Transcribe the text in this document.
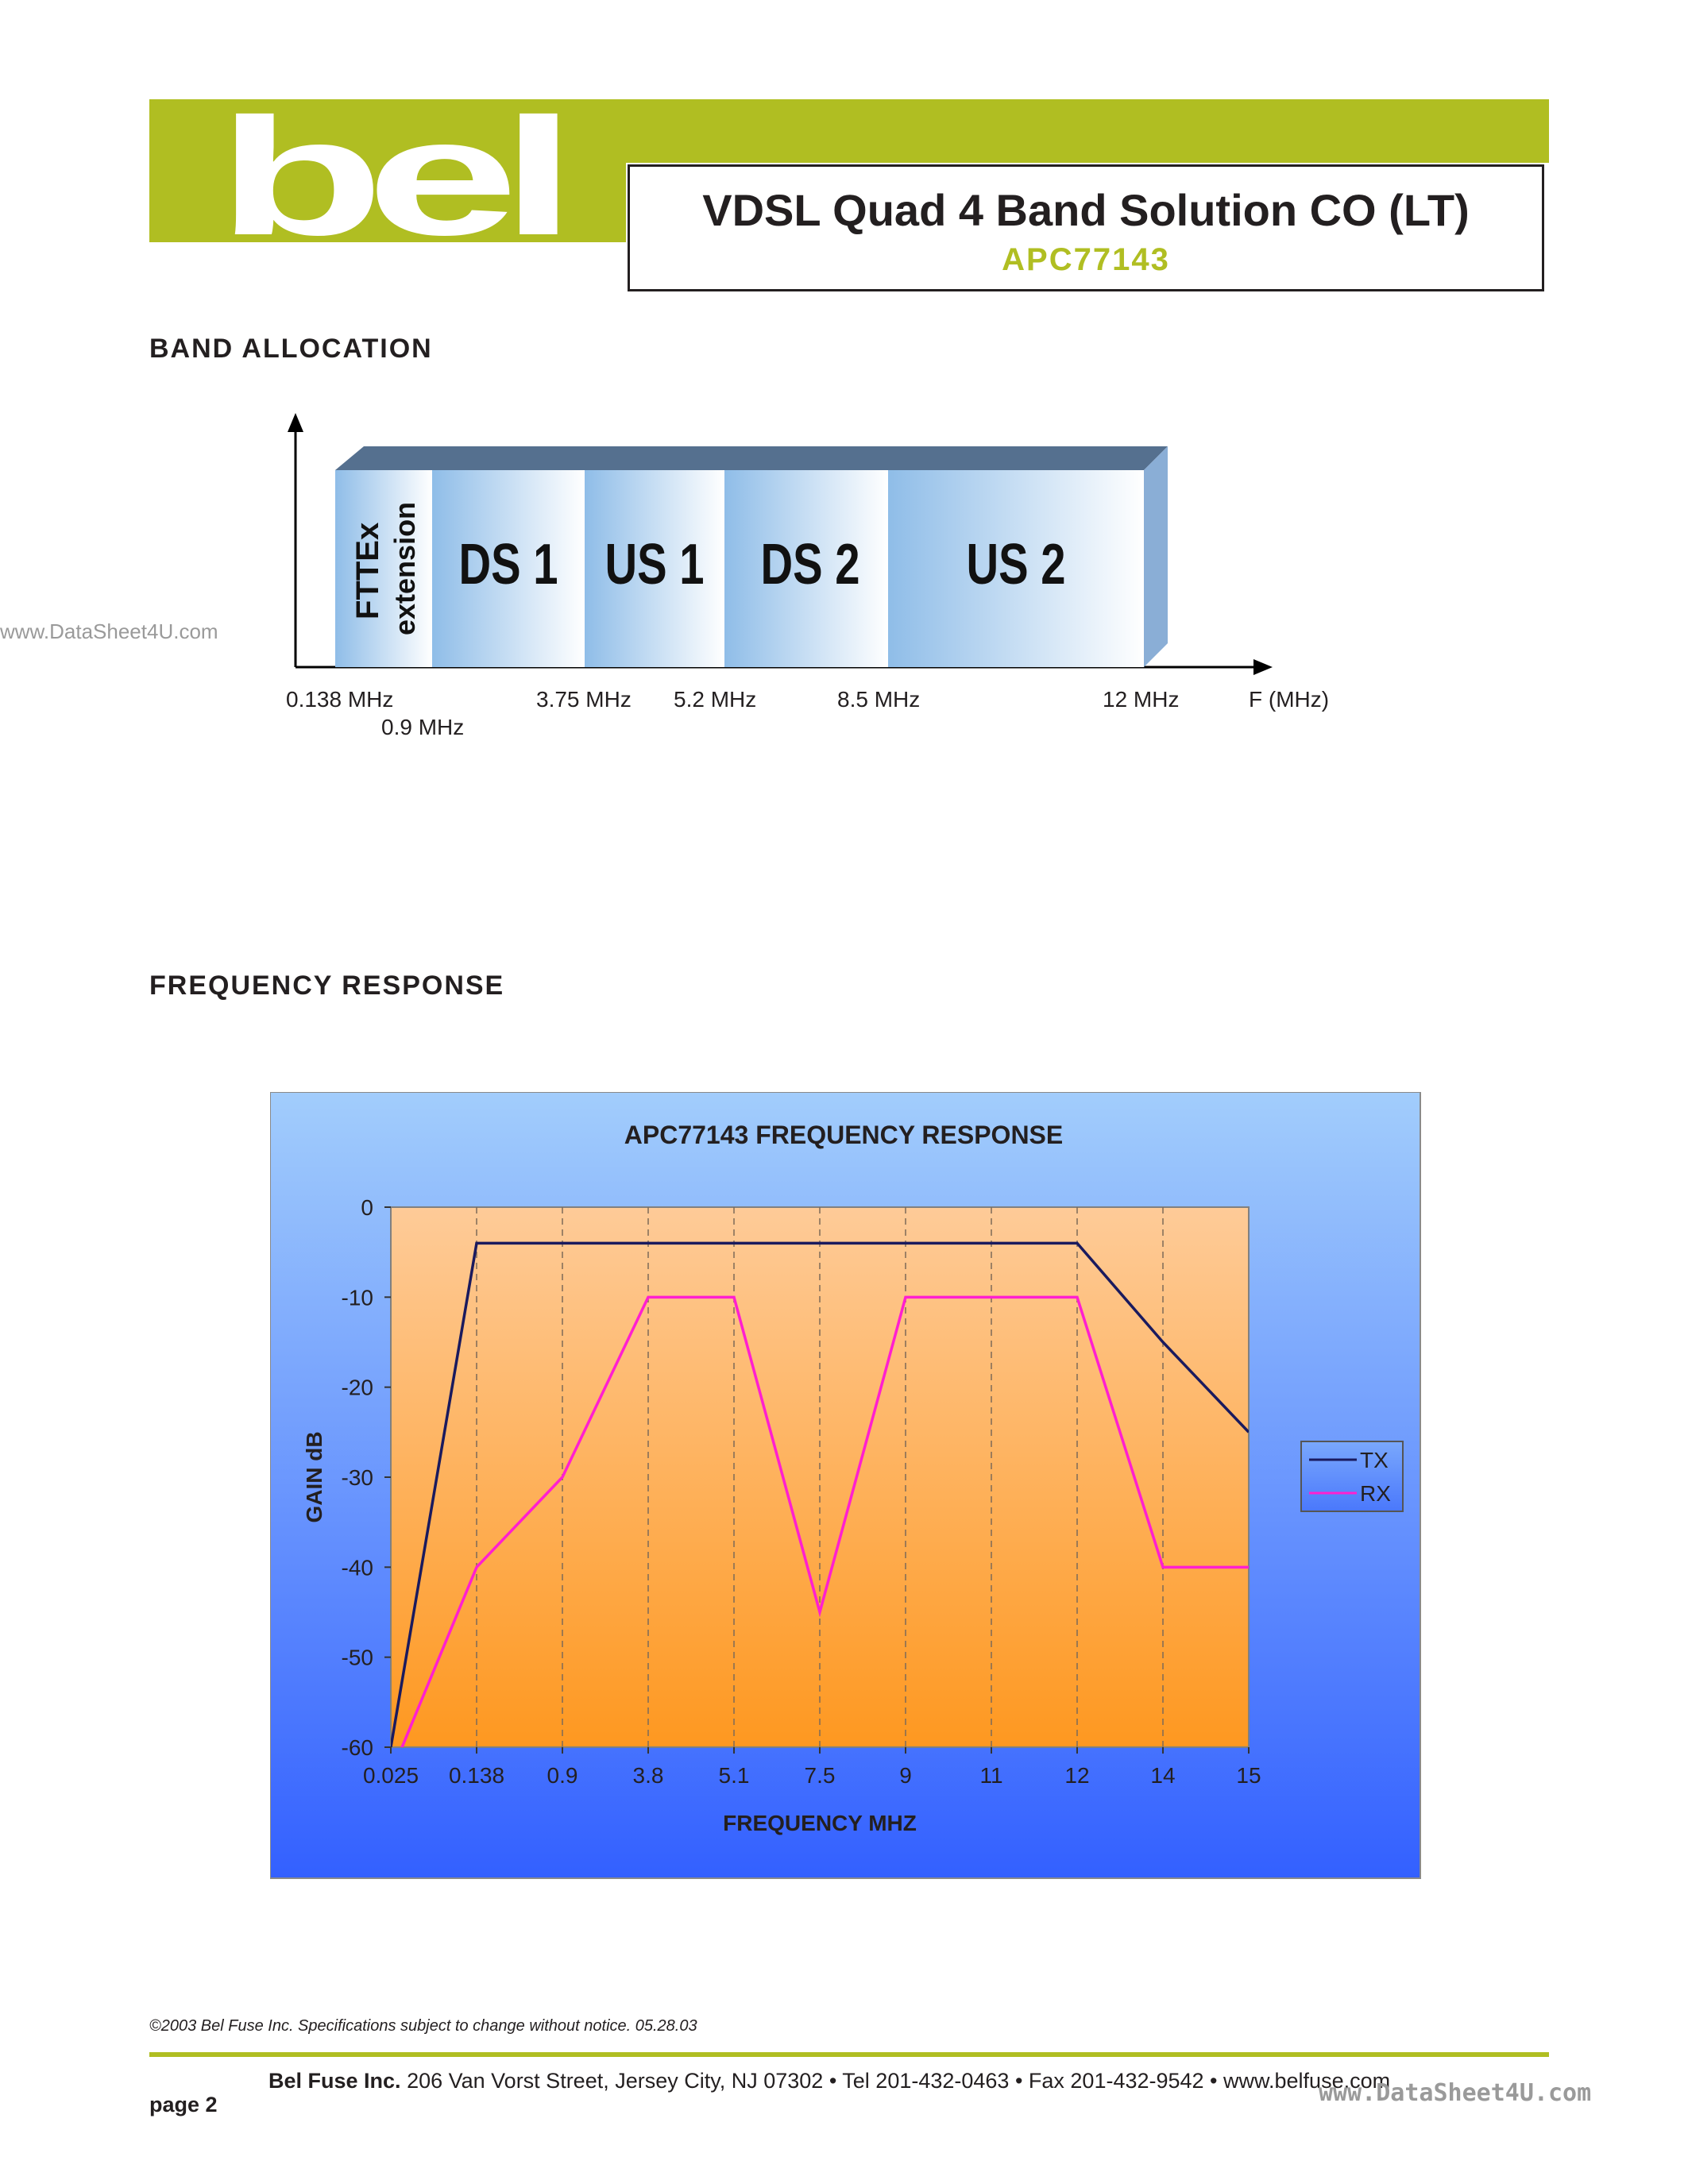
bel	VDSL Quad 4 Band Solution CO (LT)
APC77143
BAND ALLOCATION
www.DataSheet4U.com
FTTEx extension DS 1 US 1 DS 2 US 2
0.138 MHz
0.9 MHz
3.75 MHz 5.2 MHz	8.5 MHz	12 MHz	F (MHz)
FREQUENCY RESPONSE
APC77143 FREQUENCY RESPONSE
0.025 0.138 0.9 3.8 5.1 7.5	9	11	12	14	15
0
-10
-20
-30
-40
-50
-60
FREQUENCY MHZ
GAIN dB	TX
RX
©2003 Bel Fuse Inc. Specifications subject to change without notice. 05.28.03
Bel Fuse Inc. 206 Van Vorst Street, Jersey City, NJ 07302 • Tel 201-432-0463 • Fax 201-432-9542 • www.belfuse.com
page 2	www.DataSheet4U.com
